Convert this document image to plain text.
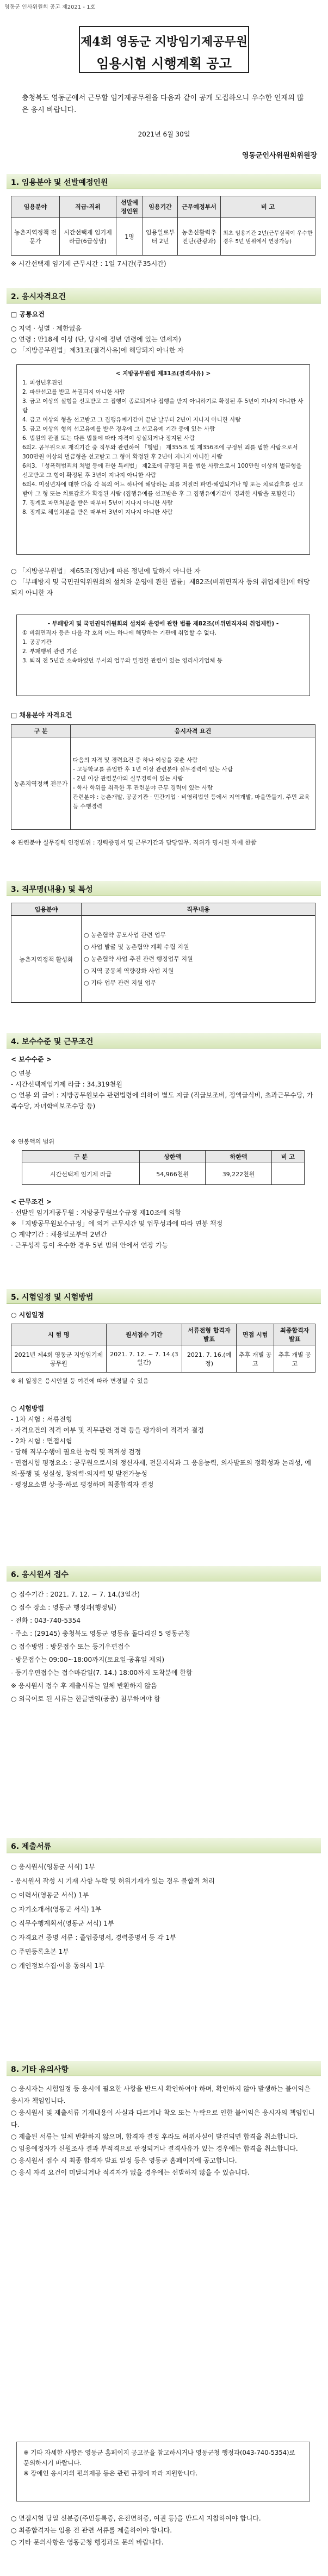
영동군 인사위원회 공고 제2021 - 1호
제4회 영동군 지방임기제공무원
임용시험 시행계획 공고
충청북도 영동군에서 근무할 임기제공무원을 다음과 같이 공개 모집하오니 우수한 인재의 많은 응시 바랍니다.
2021년 6월 30일
영동군인사위원회위원장
1. 임용분야 및 선발예정인원
임용분야	직급·직위	선발예정인원	임용기간	근무예정부서	비 고
농촌지역정책 전문가	시간선택제 임기제 라급(6급상당)	1명	임용일로부터 2년	농촌신활력추진단(관광과)	최초 임용기간 2년(근무실적이 우수한 경우 5년 범위에서 연장가능)
※ 시간선택제 임기제 근무시간 : 1일 7시간(주35시간)
2. 응시자격요건
□ 공통요건
○ 지역 · 성별 · 제한없음
○ 연령 : 만18세 이상 (단, 당시에 정년 연령에 있는 연세자)
○ 「지방공무원법」제31조(결격사유)에 해당되지 아니한 자
< 지방공무원법 제31조(결격사유) >
1. 피성년후견인
2. 파산선고를 받고 복권되지 아니한 사람
3. 금고 이상의 실형을 선고받고 그 집행이 종료되거나 집행을 받지 아니하기로 확정된 후 5년이 지나지 아니한 사람
4. 금고 이상의 형을 선고받고 그 집행유예기간이 끝난 날부터 2년이 지나지 아니한 사람
5. 금고 이상의 형의 선고유예를 받은 경우에 그 선고유예 기간 중에 있는 사람
6. 법원의 판결 또는 다른 법률에 따라 자격이 상실되거나 정지된 사람
6의2. 공무원으로 재직기간 중 직무와 관련하여 「형법」 제355조 및 제356조에 규정된 죄를 범한 사람으로서 300만원 이상의 벌금형을 선고받고 그 형이 확정된 후 2년이 지나지 아니한 사람
6의3. 「성폭력범죄의 처벌 등에 관한 특례법」 제2조에 규정된 죄를 범한 사람으로서 100만원 이상의 벌금형을 선고받고 그 형이 확정된 후 3년이 지나지 아니한 사람
6의4. 미성년자에 대한 다음 각 목의 어느 하나에 해당하는 죄를 저질러 파면·해임되거나 형 또는 치료감호를 선고받아 그 형 또는 치료감호가 확정된 사람 (집행유예를 선고받은 후 그 집행유예기간이 경과한 사람을 포함한다)
7. 징계로 파면처분을 받은 때부터 5년이 지나지 아니한 사람
8. 징계로 해임처분을 받은 때부터 3년이 지나지 아니한 사람
○ 「지방공무원법」제65조(정년)에 따른 정년에 달하지 아니한 자
○ 「부패방지 및 국민권익위원회의 설치와 운영에 관한 법률」제82조(비위면직자 등의 취업제한)에 해당되지 아니한 자
- 부패방지 및 국민권익위원회의 설치와 운영에 관한 법률 제82조(비위면직자의 취업제한) -
① 비위면직자 등은 다음 각 호의 어느 하나에 해당하는 기관에 취업할 수 없다.
1. 공공기관
2. 부패행위 관련 기관
3. 퇴직 전 5년간 소속하였던 부서의 업무와 밀접한 관련이 있는 영리사기업체 등
□ 채용분야 자격요건
구 분	응시자격 요건
농촌지역정책 전문가	다음의 자격 및 경력요건 중 하나 이상을 갖춘 사람
- 고등학교를 졸업한 후 1년 이상 관련분야 실무경력이 있는 사람
- 2년 이상 관련분야의 실무경력이 있는 사람
- 학사 학위를 취득한 후 관련분야 근무 경력이 있는 사람
관련분야 : 농촌개발, 공공기관 · 민간기업 · 비영리법인 등에서 지역개발, 마을만들기, 주민 교육 등 수행경력
※ 관련분야 실무경력 인정범위 : 경력증명서 및 근무기간과 담당업무, 직위가 명시된 자에 한함
3. 직무명(내용) 및 특성
임용분야	직무내용
농촌지역정책 활성화	○ 농촌협약 공모사업 관련 업무
○ 사업 발굴 및 농촌협약 계획 수립 지원
○ 농촌협약 사업 추진 관련 행정업무 지원
○ 지역 공동체 역량강화 사업 지원
○ 기타 업무 관련 지원 업무
4. 보수수준 및 근무조건
< 보수수준 >
○ 연봉
- 시간선택제임기제 라급 : 34,319천원
○ 연봉 외 급여 : 지방공무원보수 관련법령에 의하여 별도 지급 (직급보조비, 정액급식비, 초과근무수당, 가족수당, 자녀학비보조수당 등)
※ 연봉액의 범위
구 분	상한액	하한액	비 고
시간선택제 임기제 라급	54,966천원	39,222천원	
< 근무조건 >
- 선발된 임기제공무원 : 지방공무원보수규정 제10조에 의함
※ 「지방공무원보수규정」에 의거 근무시간 및 업무성과에 따라 연봉 책정
○ 계약기간 : 채용일로부터 2년간
· 근무성적 등이 우수한 경우 5년 범위 안에서 연장 가능
5. 시험일정 및 시험방법
○ 시험일정
시 험 명	원서접수 기간	서류전형 합격자 발표	면접 시험	최종합격자 발표
2021년 제4회 영동군 지방임기제공무원	2021. 7. 12. ~ 7. 14.(3일간)	2021. 7. 16.(예정)	추후 개별 공고	추후 개별 공고
※ 위 일정은 응시인원 등 여건에 따라 변경될 수 있음
○ 시험방법
- 1차 시험 : 서류전형
· 자격요건의 적격 여부 및 직무관련 경력 등을 평가하여 적격자 결정
- 2차 시험 : 면접시험
· 당해 직무수행에 필요한 능력 및 적격성 검정
· 면접시험 평정요소 : 공무원으로서의 정신자세, 전문지식과 그 응용능력, 의사발표의 정확성과 논리성, 예의·품행 및 성실성, 창의력·의지력 및 발전가능성
· 평정요소별 상·중·하로 평정하며 최종합격자 결정
6. 응시원서 접수
○ 접수기간 : 2021. 7. 12. ~ 7. 14.(3일간)
○ 접수 장소 : 영동군 행정과(행정팀)
- 전화 : 043-740-5354
- 주소 : (29145) 충청북도 영동군 영동읍 돌다리길 5 영동군청
○ 접수방법 : 방문접수 또는 등기우편접수
- 방문접수는 09:00~18:00까지(토요일·공휴일 제외)
- 등기우편접수는 접수마감일(7. 14.) 18:00까지 도착분에 한함
※ 응시원서 접수 후 제출서류는 일체 반환하지 않음
○ 외국어로 된 서류는 한글번역(공증) 첨부하여야 함
6. 제출서류
○ 응시원서(영동군 서식) 1부
- 응시원서 작성 시 기재 사항 누락 및 허위기재가 있는 경우 불합격 처리
○ 이력서(영동군 서식) 1부
○ 자기소개서(영동군 서식) 1부
○ 직무수행계획서(영동군 서식) 1부
○ 자격요건 증명 서류 : 졸업증명서, 경력증명서 등 각 1부
○ 주민등록초본 1부
○ 개인정보수집·이용 동의서 1부
8. 기타 유의사항
○ 응시자는 시험일정 등 응시에 필요한 사항을 반드시 확인하여야 하며, 확인하지 않아 발생하는 불이익은 응시자 책임입니다.
○ 응시원서 및 제출서류 기재내용이 사실과 다르거나 착오 또는 누락으로 인한 불이익은 응시자의 책임입니다.
○ 제출된 서류는 일체 반환하지 않으며, 합격자 결정 후라도 허위사실이 발견되면 합격을 취소합니다.
○ 임용예정자가 신원조사 결과 부적격으로 판정되거나 결격사유가 있는 경우에는 합격을 취소합니다.
○ 응시원서 접수 시 최종 합격자 발표 일정 등은 영동군 홈페이지에 공고합니다.
○ 응시 자격 요건이 미달되거나 적격자가 없을 경우에는 선발하지 않을 수 있습니다.
※ 기타 자세한 사항은 영동군 홈페이지 공고문을 참고하시거나 영동군청 행정과(043-740-5354)로 문의하시기 바랍니다.
※ 장애인 응시자의 편의제공 등은 관련 규정에 따라 지원합니다.
○ 면접시험 당일 신분증(주민등록증, 운전면허증, 여권 등)을 반드시 지참하여야 합니다.
○ 최종합격자는 임용 전 관련 서류를 제출하여야 합니다.
○ 기타 문의사항은 영동군청 행정과로 문의 바랍니다.
